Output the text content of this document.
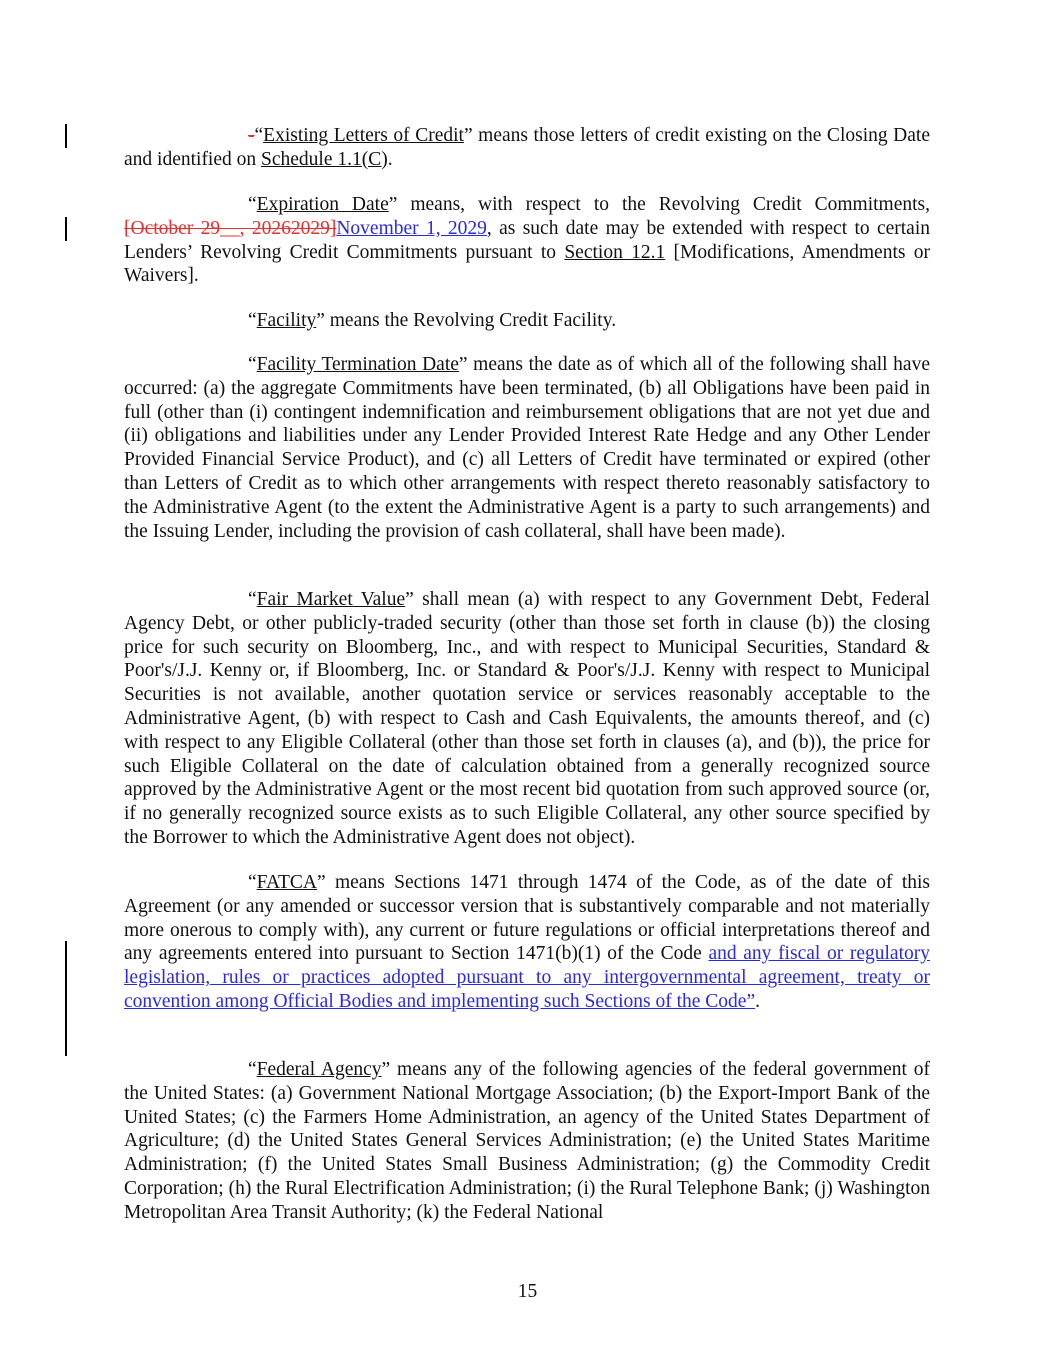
-“Existing Letters of Credit” means those letters of credit existing on the Closing Date and identified on Schedule 1.1(C).

“Expiration Date” means, with respect to the Revolving Credit Commitments, [October 29__, 20262029]November 1, 2029, as such date may be extended with respect to certain Lenders’ Revolving Credit Commitments pursuant to Section 12.1 [Modifications, Amendments or Waivers].

“Facility” means the Revolving Credit Facility.

“Facility Termination Date” means the date as of which all of the following shall have occurred: (a) the aggregate Commitments have been terminated, (b) all Obligations have been paid in full (other than (i) contingent indemnification and reimbursement obligations that are not yet due and (ii) obligations and liabilities under any Lender Provided Interest Rate Hedge and any Other Lender Provided Financial Service Product), and (c) all Letters of Credit have terminated or expired (other than Letters of Credit as to which other arrangements with respect thereto reasonably satisfactory to the Administrative Agent (to the extent the Administrative Agent is a party to such arrangements) and the Issuing Lender, including the provision of cash collateral, shall have been made).

“Fair Market Value” shall mean (a) with respect to any Government Debt, Federal Agency Debt, or other publicly-traded security (other than those set forth in clause (b)) the closing price for such security on Bloomberg, Inc., and with respect to Municipal Securities, Standard & Poor's/J.J. Kenny or, if Bloomberg, Inc. or Standard & Poor's/J.J. Kenny with respect to Municipal Securities is not available, another quotation service or services reasonably acceptable to the Administrative Agent, (b) with respect to Cash and Cash Equivalents, the amounts thereof, and (c) with respect to any Eligible Collateral (other than those set forth in clauses (a), and (b)), the price for such Eligible Collateral on the date of calculation obtained from a generally recognized source approved by the Administrative Agent or the most recent bid quotation from such approved source (or, if no generally recognized source exists as to such Eligible Collateral, any other source specified by the Borrower to which the Administrative Agent does not object).

“FATCA” means Sections 1471 through 1474 of the Code, as of the date of this Agreement (or any amended or successor version that is substantively comparable and not materially more onerous to comply with), any current or future regulations or official interpretations thereof and any agreements entered into pursuant to Section 1471(b)(1) of the Code and any fiscal or regulatory legislation, rules or practices adopted pursuant to any intergovernmental agreement, treaty or convention among Official Bodies and implementing such Sections of the Code”.

“Federal Agency” means any of the following agencies of the federal government of the United States: (a) Government National Mortgage Association; (b) the Export-Import Bank of the United States; (c) the Farmers Home Administration, an agency of the United States Department of Agriculture; (d) the United States General Services Administration; (e) the United States Maritime Administration; (f) the United States Small Business Administration; (g) the Commodity Credit Corporation; (h) the Rural Electrification Administration; (i) the Rural Telephone Bank; (j) Washington Metropolitan Area Transit Authority; (k) the Federal National

15
